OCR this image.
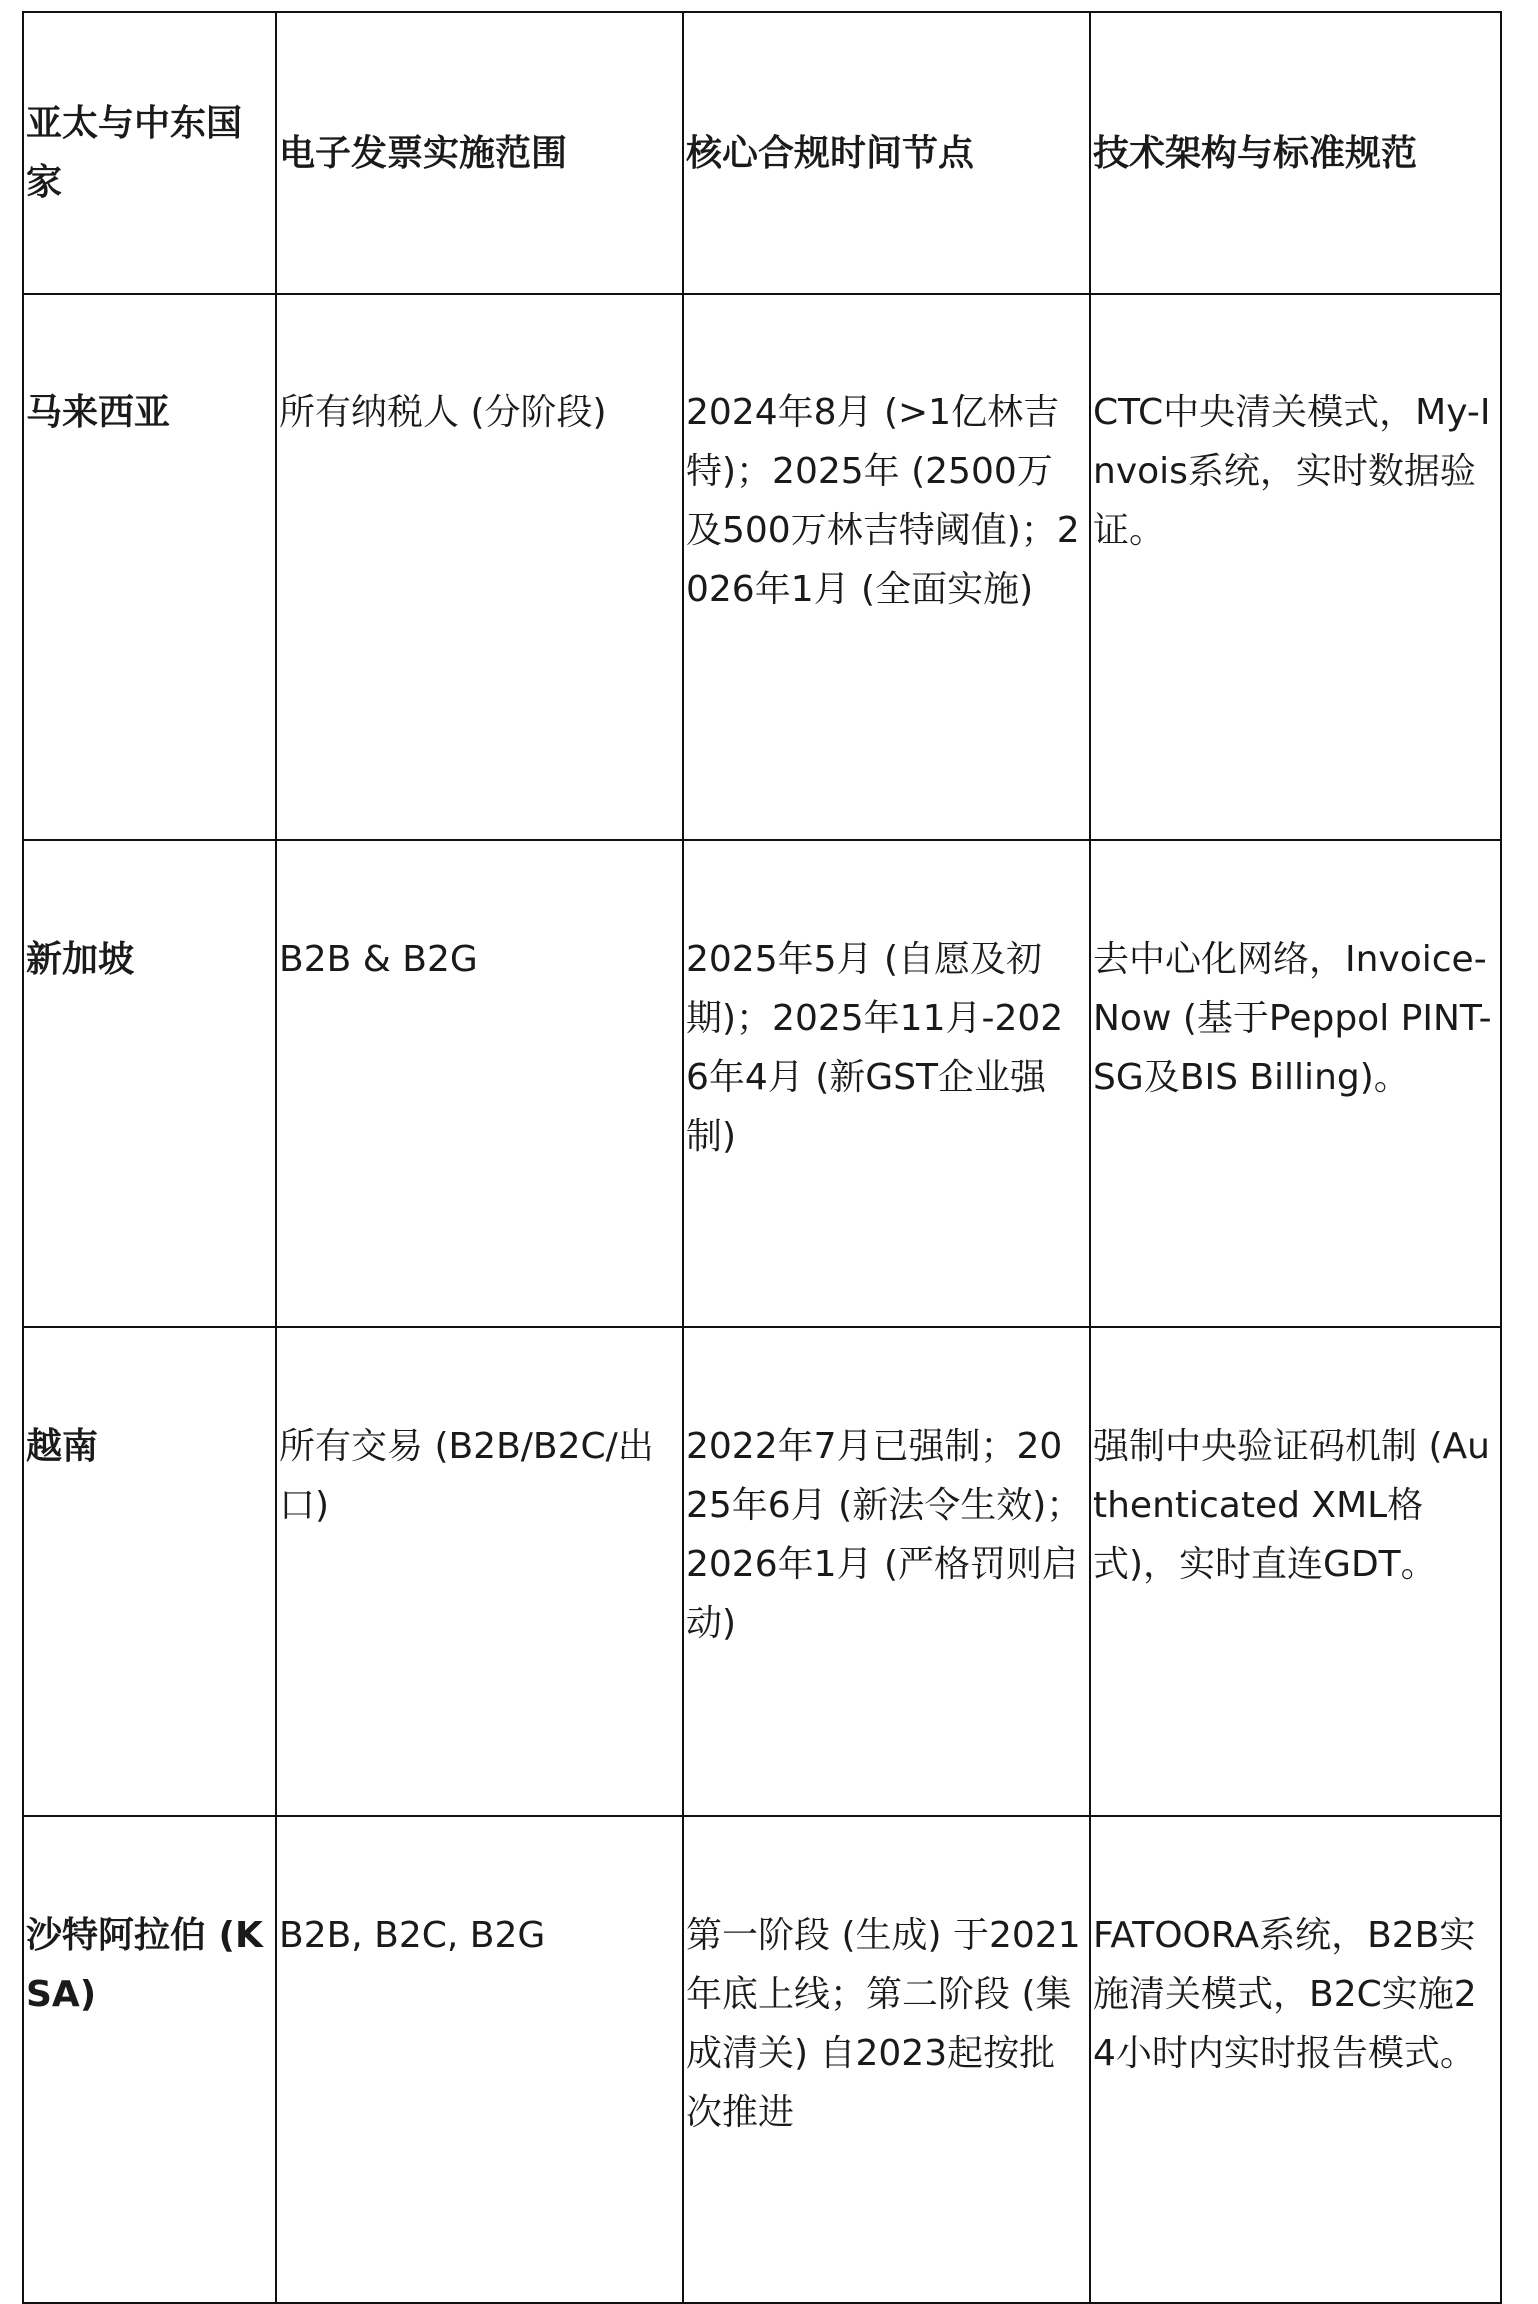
亚太与中东国家	电子发票实施范围	核心合规时间节点	技术架构与标准规范
马来西亚	所有纳税人 (分阶段)	2024年8月 (>1亿林吉特)；2025年 (2500万及500万林吉特阈值)；2026年1月 (全面实施)	CTC中央清关模式，My-Invois系统，实时数据验证。
新加坡	B2B & B2G	2025年5月 (自愿及初期)；2025年11月-2026年4月 (新GST企业强制)	去中心化网络，Invoice-Now (基于Peppol PINT-SG及BIS Billing)。
越南	所有交易 (B2B/B2C/出口)	2022年7月已强制；2025年6月 (新法令生效)；2026年1月 (严格罚则启动)	强制中央验证码机制 (Authenticated XML格式)，实时直连GDT。
沙特阿拉伯 (KSA)	B2B, B2C, B2G	第一阶段 (生成) 于2021年底上线；第二阶段 (集成清关) 自2023起按批次推进	FATOORA系统，B2B实施清关模式，B2C实施24小时内实时报告模式。
